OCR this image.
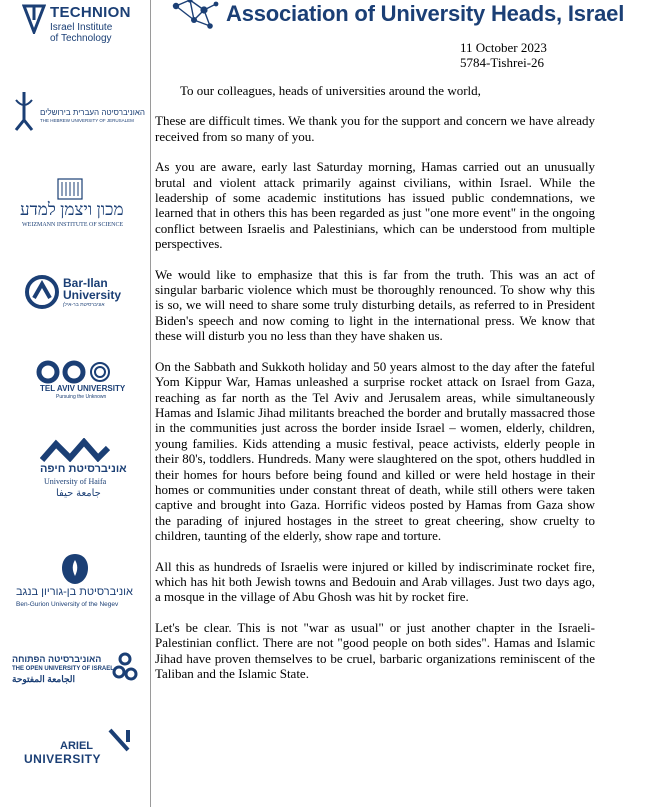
Association of University Heads, Israel
11 October 2023
5784-Tishrei-26
TECHNION
Israel Institute
of Technology
האוניברסיטה העברית בירושלים
THE HEBREW UNIVERSITY OF JERUSALEM
מכון ויצמן למדע
WEIZMANN INSTITUTE OF SCIENCE
Bar-Ilan
University
אוניברסיטת בר-אילן
TEL AVIV UNIVERSITY
Pursuing the Unknown
אוניברסיטת חיפה
University of Haifa
جامعة حيفا
אוניברסיטת בן-גוריון בנגב
Ben-Gurion University of the Negev
האוניברסיטה הפתוחה
THE OPEN UNIVERSITY OF ISRAEL
الجامعة المفتوحة
ARIEL
UNIVERSITY

To our colleagues, heads of universities around the world,

These are difficult times. We thank you for the support and concern we have already received from so many of you.

As you are aware, early last Saturday morning, Hamas carried out an unusually brutal and violent attack primarily against civilians, within Israel. While the leadership of some academic institutions has issued public condemnations, we learned that in others this has been regarded as just "one more event" in the ongoing conflict between Israelis and Palestinians, which can be understood from multiple perspectives.

We would like to emphasize that this is far from the truth. This was an act of singular barbaric violence which must be thoroughly renounced. To show why this is so, we will need to share some truly disturbing details, as referred to in President Biden's speech and now coming to light in the international press. We know that these will disturb you no less than they have shaken us.

On the Sabbath and Sukkoth holiday and 50 years almost to the day after the fateful Yom Kippur War, Hamas unleashed a surprise rocket attack on Israel from Gaza, reaching as far north as the Tel Aviv and Jerusalem areas, while simultaneously Hamas and Islamic Jihad militants breached the border and brutally massacred those in the communities just across the border inside Israel – women, elderly, children, young families. Kids attending a music festival, peace activists, elderly people in their 80's, toddlers. Hundreds. Many were slaughtered on the spot, others huddled in their homes for hours before being found and killed or were held hostage in their homes or communities under constant threat of death, while still others were taken captive and brought into Gaza. Horrific videos posted by Hamas from Gaza show the parading of injured hostages in the street to great cheering, show cruelty to children, taunting of the elderly, show rape and torture.

All this as hundreds of Israelis were injured or killed by indiscriminate rocket fire, which has hit both Jewish towns and Bedouin and Arab villages. Just two days ago, a mosque in the village of Abu Ghosh was hit by rocket fire.

Let's be clear. This is not "war as usual" or just another chapter in the Israeli-Palestinian conflict. There are not "good people on both sides". Hamas and Islamic Jihad have proven themselves to be cruel, barbaric organizations reminiscent of the Taliban and the Islamic State.
